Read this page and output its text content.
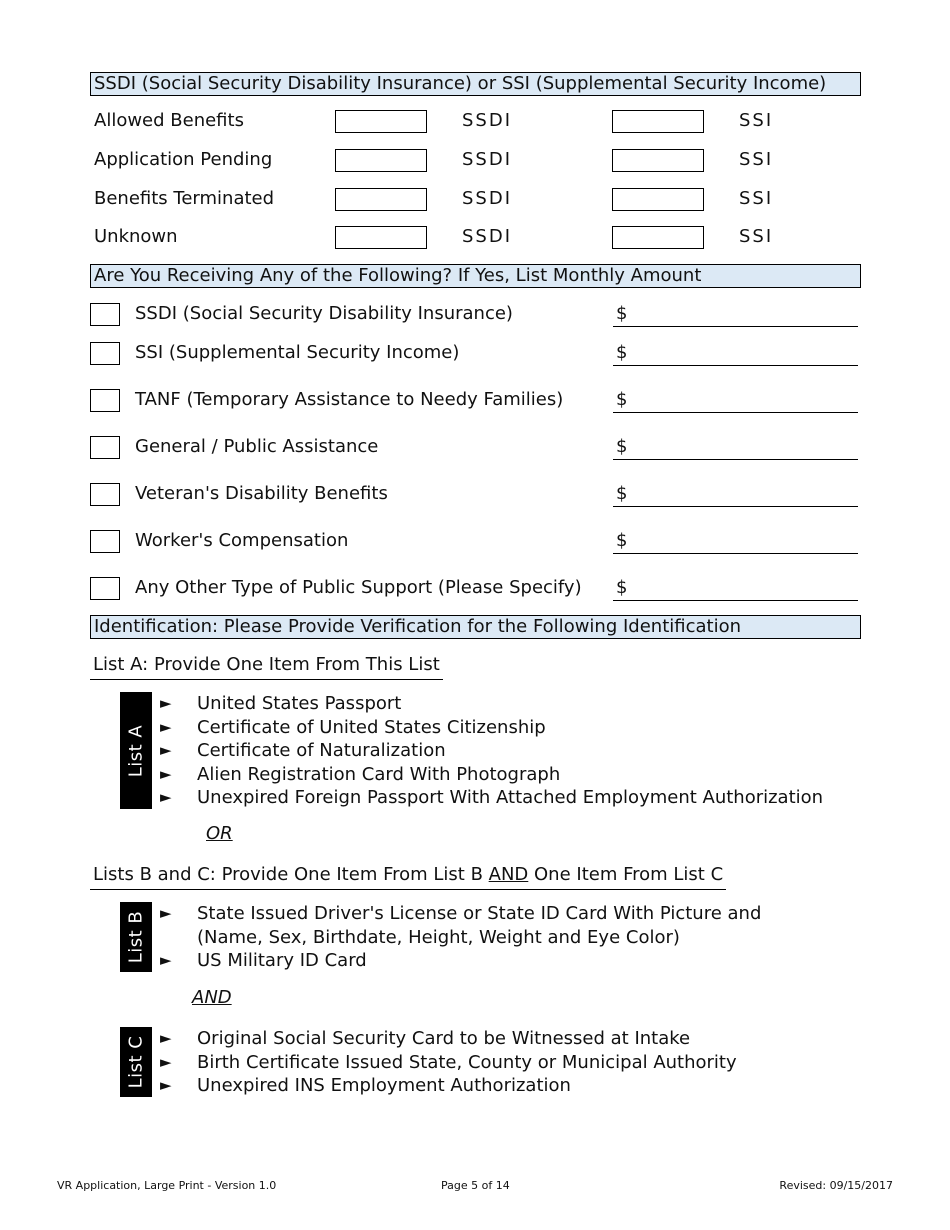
SSDI (Social Security Disability Insurance) or SSI (Supplemental Security Income)
Allowed Benefits	SSDI	SSI
Application Pending	SSDI	SSI
Benefits Terminated	SSDI	SSI
Unknown	SSDI	SSI
Are You Receiving Any of the Following? If Yes, List Monthly Amount
SSDI (Social Security Disability Insurance)	$
SSI (Supplemental Security Income)	$
TANF (Temporary Assistance to Needy Families)	$
General / Public Assistance	$
Veteran's Disability Benefits	$
Worker's Compensation	$
Any Other Type of Public Support (Please Specify) $
Identification: Please Provide Verification for the Following Identification
List A: Provide One Item From This List
List A
► United States Passport
► Certificate of United States Citizenship
► Certificate of Naturalization
► Alien Registration Card With Photograph
► Unexpired Foreign Passport With Attached Employment Authorization
OR
Lists B and C: Provide One Item From List B AND One Item From List C
List B ► State Issued Driver's License or State ID Card With Picture and
(Name, Sex, Birthdate, Height, Weight and Eye Color)
► US Military ID Card
AND
List C ► Original Social Security Card to be Witnessed at Intake
► Birth Certificate Issued State, County or Municipal Authority
► Unexpired INS Employment Authorization
VR Application, Large Print - Version 1.0	Page 5 of 14	Revised: 09/15/2017
